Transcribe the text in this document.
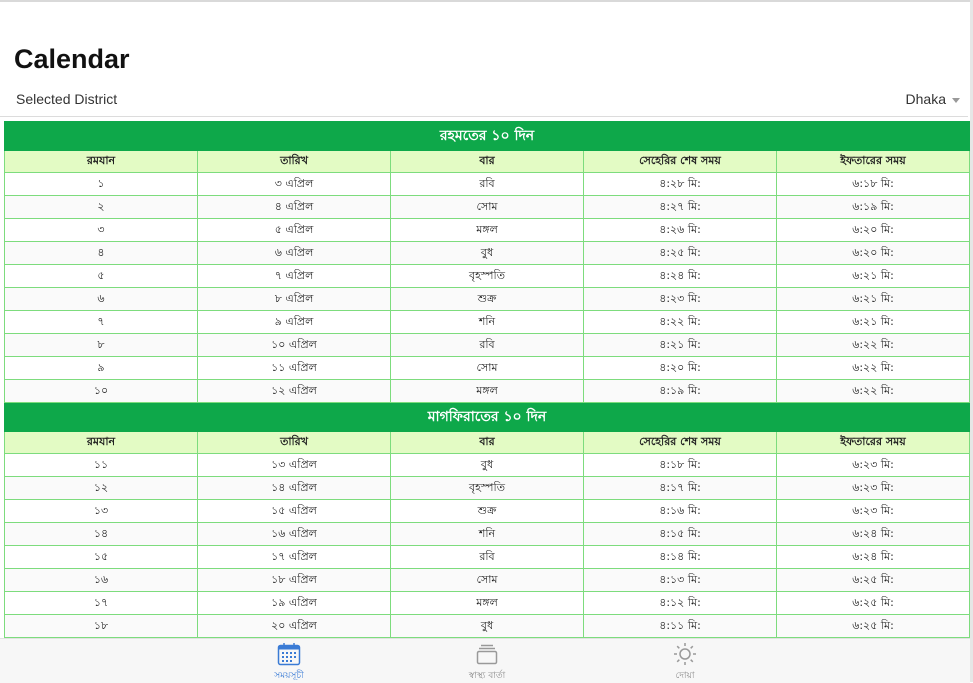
Calendar
Selected District	Dhaka
রহমতের ১০ দিন				
রমযান	তারিখ	বার	সেহেরির শেষ সময়	ইফতারের সময়
১	৩ এপ্রিল	রবি	৪:২৮ মি:	৬:১৮ মি:
২	৪ এপ্রিল	সোম	৪:২৭ মি:	৬:১৯ মি:
৩	৫ এপ্রিল	মঙ্গল	৪:২৬ মি:	৬:২০ মি:
৪	৬ এপ্রিল	বুধ	৪:২৫ মি:	৬:২০ মি:
৫	৭ এপ্রিল	বৃহস্পতি	৪:২৪ মি:	৬:২১ মি:
৬	৮ এপ্রিল	শুক্র	৪:২৩ মি:	৬:২১ মি:
৭	৯ এপ্রিল	শনি	৪:২২ মি:	৬:২১ মি:
৮	১০ এপ্রিল	রবি	৪:২১ মি:	৬:২২ মি:
৯	১১ এপ্রিল	সোম	৪:২০ মি:	৬:২২ মি:
১০	১২ এপ্রিল	মঙ্গল	৪:১৯ মি:	৬:২২ মি:
মাগফিরাতের ১০ দিন				
রমযান	তারিখ	বার	সেহেরির শেষ সময়	ইফতারের সময়
১১	১৩ এপ্রিল	বুধ	৪:১৮ মি:	৬:২৩ মি:
১২	১৪ এপ্রিল	বৃহস্পতি	৪:১৭ মি:	৬:২৩ মি:
১৩	১৫ এপ্রিল	শুক্র	৪:১৬ মি:	৬:২৩ মি:
১৪	১৬ এপ্রিল	শনি	৪:১৫ মি:	৬:২৪ মি:
১৫	১৭ এপ্রিল	রবি	৪:১৪ মি:	৬:২৪ মি:
১৬	১৮ এপ্রিল	সোম	৪:১৩ মি:	৬:২৫ মি:
১৭	১৯ এপ্রিল	মঙ্গল	৪:১২ মি:	৬:২৫ মি:
১৮	২০ এপ্রিল	বুধ	৪:১১ মি:	৬:২৫ মি:
সময়সূচী	স্বাস্থ্য বার্তা	দোয়া
